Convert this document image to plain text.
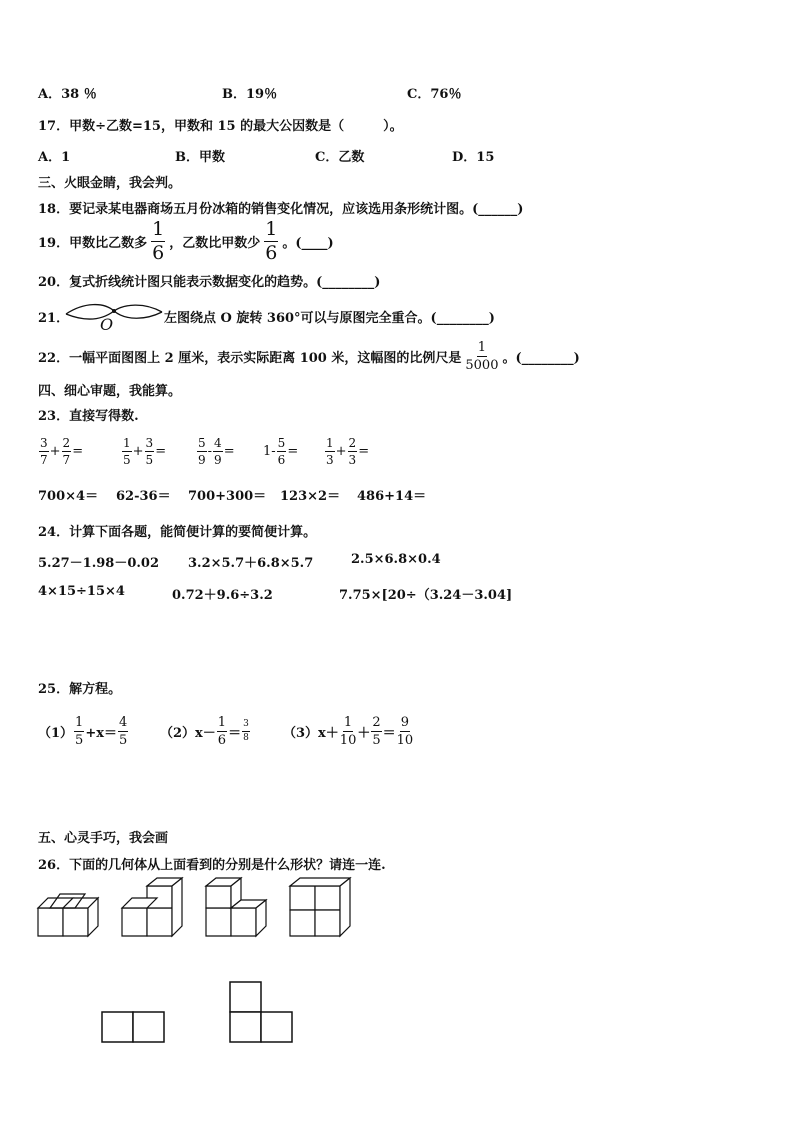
A．38 ％	B．19％	C．76％
17．甲数÷乙数=15，甲数和 15 的最大公因数是（　　　）。
A．1	B．甲数	C．乙数	D．15
三、火眼金睛，我会判。
18．要记录某电器商场五月份冰箱的销售变化情况，应该选用条形统计图。(______)
19． 甲数比乙数多 $\frac{1}{6}$ ，乙数比甲数少 $\frac{1}{6}$ 。(____)
20．复式折线统计图只能表示数据变化的趋势。(________)
21． O	左图绕点 O 旋转 360°可以与原图完全重合。(________)
22．一幅平面图图上 2 厘米，表示实际距离 100 米，这幅图的比例尺是 $\frac{1}{5000}$ 。(________)
四、细心审题，我能算。
23．直接写得数.
$\frac{3}{7} + \frac{2}{7}$ =	$\frac{1}{5} + \frac{3}{5}$ =	$\frac{5}{9} - \frac{4}{9} = 1- \frac{5}{6} = \frac{1}{3} + \frac{2}{3}$ =
700×4＝ 62-36＝ 700+300＝ 123×2＝ 486+14＝
24．计算下面各题，能简便计算的要简便计算。
5.27－1.98－0.02 3.2×5.7＋6.8×5.7	2.5×6.8×0.4
4×15÷15×4	0.72＋9.6÷3.2	7.75×[20÷（3.24－3.04]
25．解方程。
$(1) \frac{1}{5} +x= \frac{4}{5} (2)x- \frac{1}{6} = \frac{3}{8}$	$(3)x+ \frac{1}{10} + \frac{2}{5} = \frac{9}{10}$
五、心灵手巧，我会画
26．下面的几何体从上面看到的分别是什么形状？请连一连.
